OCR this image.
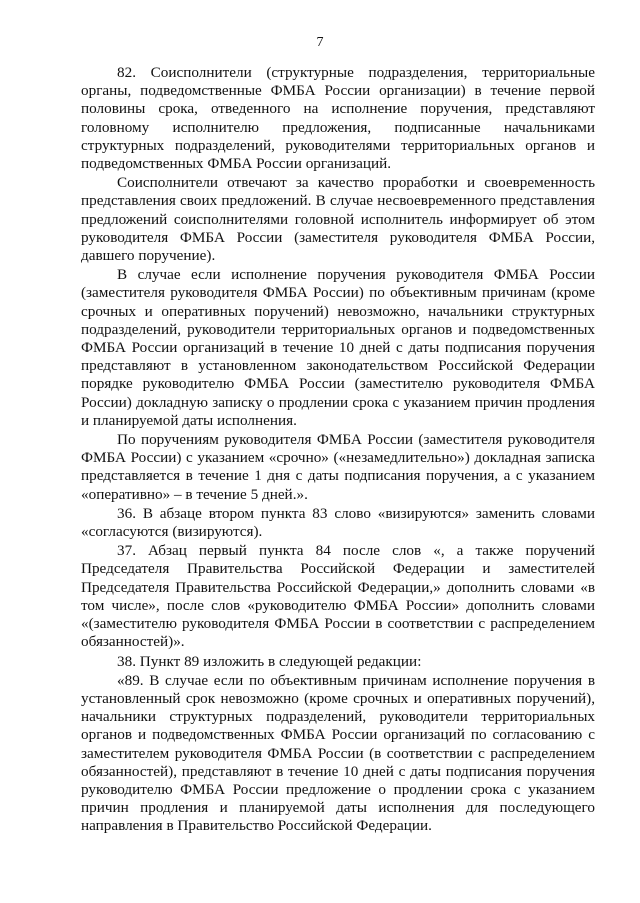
7

82. Соисполнители (структурные подразделения, территориальные органы, подведомственные ФМБА России организации) в течение первой половины срока, отведенного на исполнение поручения, представляют головному исполнителю предложения, подписанные начальниками структурных подразделений, руководителями территориальных органов и подведомственных ФМБА России организаций.

Соисполнители отвечают за качество проработки и своевременность представления своих предложений. В случае несвоевременного представления предложений соисполнителями головной исполнитель информирует об этом руководителя ФМБА России (заместителя руководителя ФМБА России, давшего поручение).

В случае если исполнение поручения руководителя ФМБА России (заместителя руководителя ФМБА России) по объективным причинам (кроме срочных и оперативных поручений) невозможно, начальники структурных подразделений, руководители территориальных органов и подведомственных ФМБА России организаций в течение 10 дней с даты подписания поручения представляют в установленном законодательством Российской Федерации порядке руководителю ФМБА России (заместителю руководителя ФМБА России) докладную записку о продлении срока с указанием причин продления и планируемой даты исполнения.

По поручениям руководителя ФМБА России (заместителя руководителя ФМБА России) с указанием «срочно» («незамедлительно») докладная записка представляется в течение 1 дня с даты подписания поручения, а с указанием «оперативно» – в течение 5 дней.».

36. В абзаце втором пункта 83 слово «визируются» заменить словами «согласуются (визируются).

37. Абзац первый пункта 84 после слов «, а также поручений Председателя Правительства Российской Федерации и заместителей Председателя Правительства Российской Федерации,» дополнить словами «в том числе», после слов «руководителю ФМБА России» дополнить словами «(заместителю руководителя ФМБА России в соответствии с распределением обязанностей)».

38. Пункт 89 изложить в следующей редакции:

«89. В случае если по объективным причинам исполнение поручения в установленный срок невозможно (кроме срочных и оперативных поручений), начальники структурных подразделений, руководители территориальных органов и подведомственных ФМБА России организаций по согласованию с заместителем руководителя ФМБА России (в соответствии с распределением обязанностей), представляют в течение 10 дней с даты подписания поручения руководителю ФМБА России предложение о продлении срока с указанием причин продления и планируемой даты исполнения для последующего направления в Правительство Российской Федерации.
